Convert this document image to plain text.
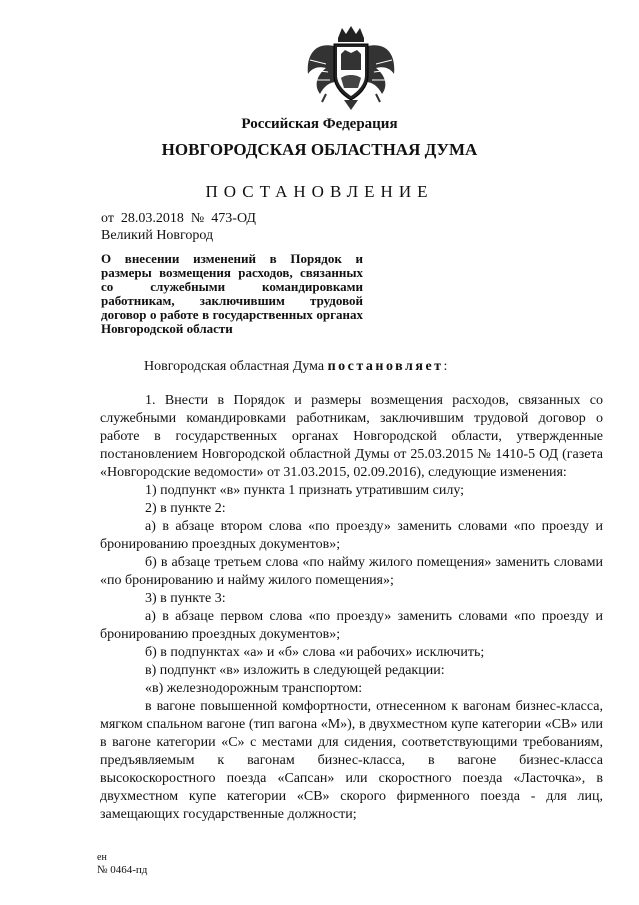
Российская Федерация
НОВГОРОДСКАЯ ОБЛАСТНАЯ ДУМА
ПОСТАНОВЛЕНИЕ
от  28.03.2018  №  473-ОД
Великий Новгород
О внесении изменений в Порядок и размеры возмещения расходов, связанных со служебными командировками работникам, заключившим трудовой договор о работе в государственных органах Новгородской области
Новгородская областная Дума постановляет:

1. Внести в Порядок и размеры возмещения расходов, связанных со служебными командировками работникам, заключившим трудовой договор о работе в государственных органах Новгородской области, утвержденные постановлением Новгородской областной Думы от 25.03.2015 № 1410-5 ОД (газета «Новгородские ведомости» от 31.03.2015, 02.09.2016), следующие изменения:

1) подпункт «в» пункта 1 признать утратившим силу;

2) в пункте 2:

а) в абзаце втором слова «по проезду» заменить словами «по проезду и бронированию проездных документов»;

б) в абзаце третьем слова «по найму жилого помещения» заменить словами «по бронированию и найму жилого помещения»;

3) в пункте 3:

а) в абзаце первом слова «по проезду» заменить словами «по проезду и бронированию проездных документов»;

б) в подпунктах «а» и «б» слова «и рабочих» исключить;

в) подпункт «в» изложить в следующей редакции:

«в) железнодорожным транспортом:

в вагоне повышенной комфортности, отнесенном к вагонам бизнес-класса, мягком спальном вагоне (тип вагона «М»), в двухместном купе категории «СВ» или в вагоне категории «С» с местами для сидения, соответствующими требованиям, предъявляемым к вагонам бизнес-класса, в вагоне бизнес-класса высокоскоростного поезда «Сапсан» или скоростного поезда «Ласточка», в двухместном купе категории «СВ» скорого фирменного поезда - для лиц, замещающих государственные должности;

ен
№ 0464-пд
